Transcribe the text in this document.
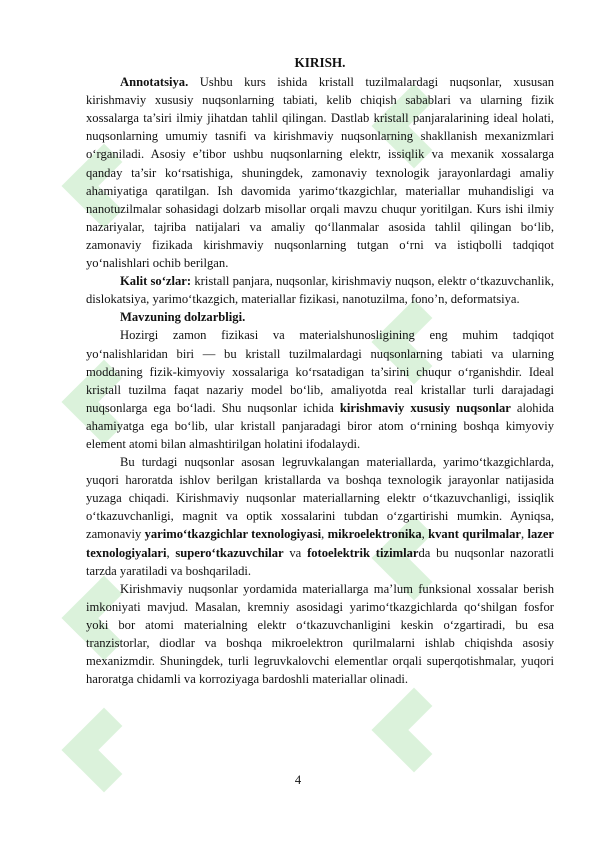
KIRISH.

Annotatsiya. Ushbu kurs ishida kristall tuzilmalardagi nuqsonlar, xususan kirishmaviy xususiy nuqsonlarning tabiati, kelib chiqish sabablari va ularning fizik xossalarga ta’siri ilmiy jihatdan tahlil qilingan. Dastlab kristall panjaralarining ideal holati, nuqsonlarning umumiy tasnifi va kirishmaviy nuqsonlarning shakllanish mexanizmlari o‘rganiladi. Asosiy e’tibor ushbu nuqsonlarning elektr, issiqlik va mexanik xossalarga qanday ta’sir ko‘rsatishiga, shuningdek, zamonaviy texnologik jarayonlardagi amaliy ahamiyatiga qaratilgan. Ish davomida yarimo‘tkazgichlar, materiallar muhandisligi va nanotuzilmalar sohasidagi dolzarb misollar orqali mavzu chuqur yoritilgan. Kurs ishi ilmiy nazariyalar, tajriba natijalari va amaliy qo‘llanmalar asosida tahlil qilingan bo‘lib, zamonaviy fizikada kirishmaviy nuqsonlarning tutgan o‘rni va istiqbolli tadqiqot yo‘nalishlari ochib berilgan.

Kalit so‘zlar: kristall panjara, nuqsonlar, kirishmaviy nuqson, elektr o‘tkazuvchanlik, dislokatsiya, yarimo‘tkazgich, materiallar fizikasi, nanotuzilma, fono’n, deformatsiya.

Mavzuning dolzarbligi.

Hozirgi zamon fizikasi va materialshunosligining eng muhim tadqiqot yo‘nalishlaridan biri — bu kristall tuzilmalardagi nuqsonlarning tabiati va ularning moddaning fizik-kimyoviy xossalariga ko‘rsatadigan ta’sirini chuqur o‘rganishdir. Ideal kristall tuzilma faqat nazariy model bo‘lib, amaliyotda real kristallar turli darajadagi nuqsonlarga ega bo‘ladi. Shu nuqsonlar ichida kirishmaviy xususiy nuqsonlar alohida ahamiyatga ega bo‘lib, ular kristall panjaradagi biror atom o‘rnining boshqa kimyoviy element atomi bilan almashtirilgan holatini ifodalaydi.

Bu turdagi nuqsonlar asosan legruvkalangan materiallarda, yarimo‘tkazgichlarda, yuqori haroratda ishlov berilgan kristallarda va boshqa texnologik jarayonlar natijasida yuzaga chiqadi. Kirishmaviy nuqsonlar materiallarning elektr o‘tkazuvchanligi, issiqlik o‘tkazuvchanligi, magnit va optik xossalarini tubdan o‘zgartirishi mumkin. Ayniqsa, zamonaviy yarimo‘tkazgichlar texnologiyasi, mikroelektronika, kvant qurilmalar, lazer texnologiyalari, supero‘tkazuvchilar va fotoelektrik tizimlarda bu nuqsonlar nazoratli tarzda yaratiladi va boshqariladi.

Kirishmaviy nuqsonlar yordamida materiallarga ma’lum funksional xossalar berish imkoniyati mavjud. Masalan, kremniy asosidagi yarimo‘tkazgichlarda qo‘shilgan fosfor yoki bor atomi materialning elektr o‘tkazuvchanligini keskin o‘zgartiradi, bu esa tranzistorlar, diodlar va boshqa mikroelektron qurilmalarni ishlab chiqishda asosiy mexanizmdir. Shuningdek, turli legruvkalovchi elementlar orqali superqotishmalar, yuqori haroratga chidamli va korroziyaga bardoshli materiallar olinadi.

4
